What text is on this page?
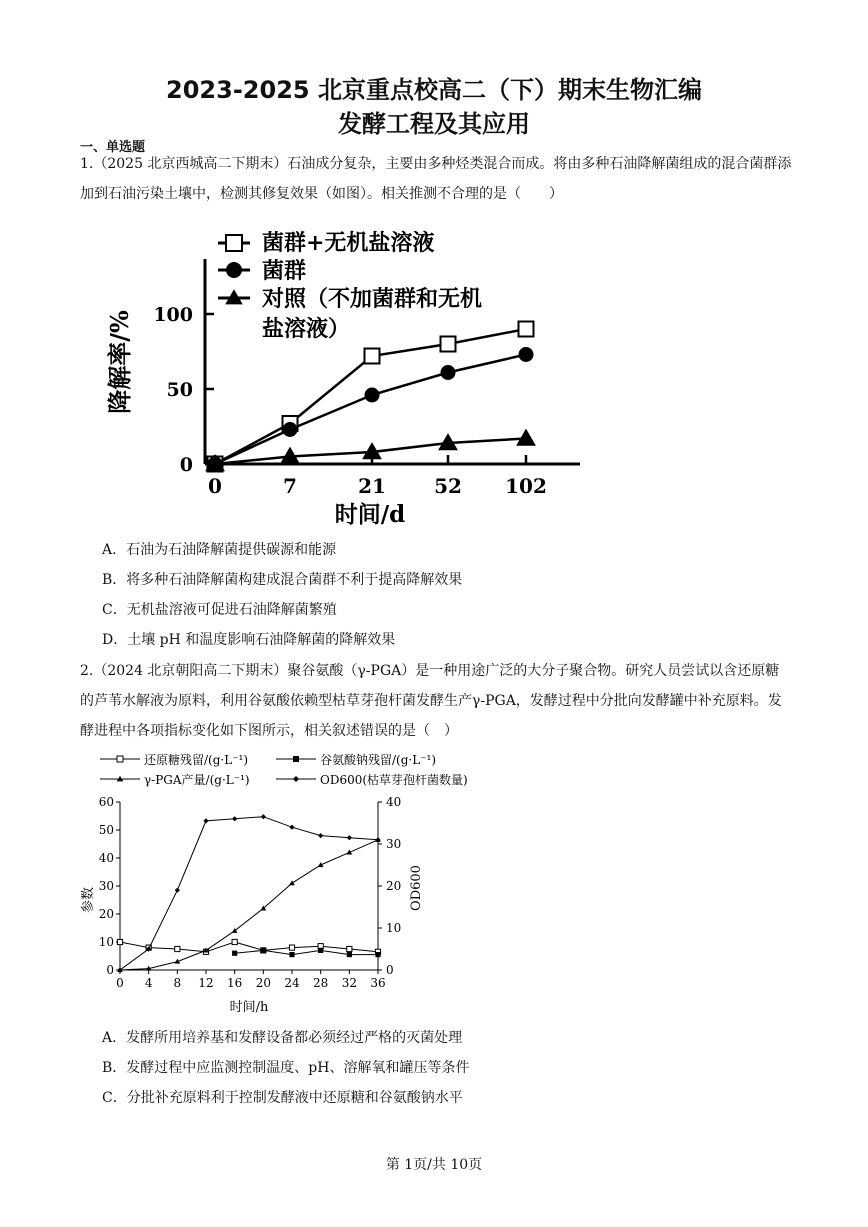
2023-2025 北京重点校高二（下）期末生物汇编
发酵工程及其应用
一、单选题
1.（2025 北京西城高二下期末）石油成分复杂，主要由多种烃类混合而成。将由多种石油降解菌组成的混合菌群添加到石油污染土壤中，检测其修复效果（如图）。相关推测不合理的是（　　）
0
50
100
0	7	21 52 102
时间/d
降解率/%
菌群+无机盐溶液
菌群
对照（不加菌群和无机盐溶液）
A．石油为石油降解菌提供碳源和能源
B．将多种石油降解菌构建成混合菌群不利于提高降解效果
C．无机盐溶液可促进石油降解菌繁殖
D．土壤 pH 和温度影响石油降解菌的降解效果
2.（2024 北京朝阳高二下期末）聚谷氨酸（γ-PGA）是一种用途广泛的大分子聚合物。研究人员尝试以含还原糖的芦苇水解液为原料，利用谷氨酸依赖型枯草芽孢杆菌发酵生产γ-PGA，发酵过程中分批向发酵罐中补充原料。发酵进程中各项指标变化如下图所示，相关叙述错误的是（　）
0
10
20
30
40
50
60
0
10
20
30
40
0 4 8 12 16 20 24 28 32 36
时间/h
参数	OD600
还原糖残留/(g·L⁻¹)	谷氨酸钠残留/(g·L⁻¹)
γ-PGA产量/(g·L⁻¹)	OD600(枯草芽孢杆菌数量)
A．发酵所用培养基和发酵设备都必须经过严格的灭菌处理
B．发酵过程中应监测控制温度、pH、溶解氧和罐压等条件
C．分批补充原料利于控制发酵液中还原糖和谷氨酸钠水平
第 1页/共 10页
